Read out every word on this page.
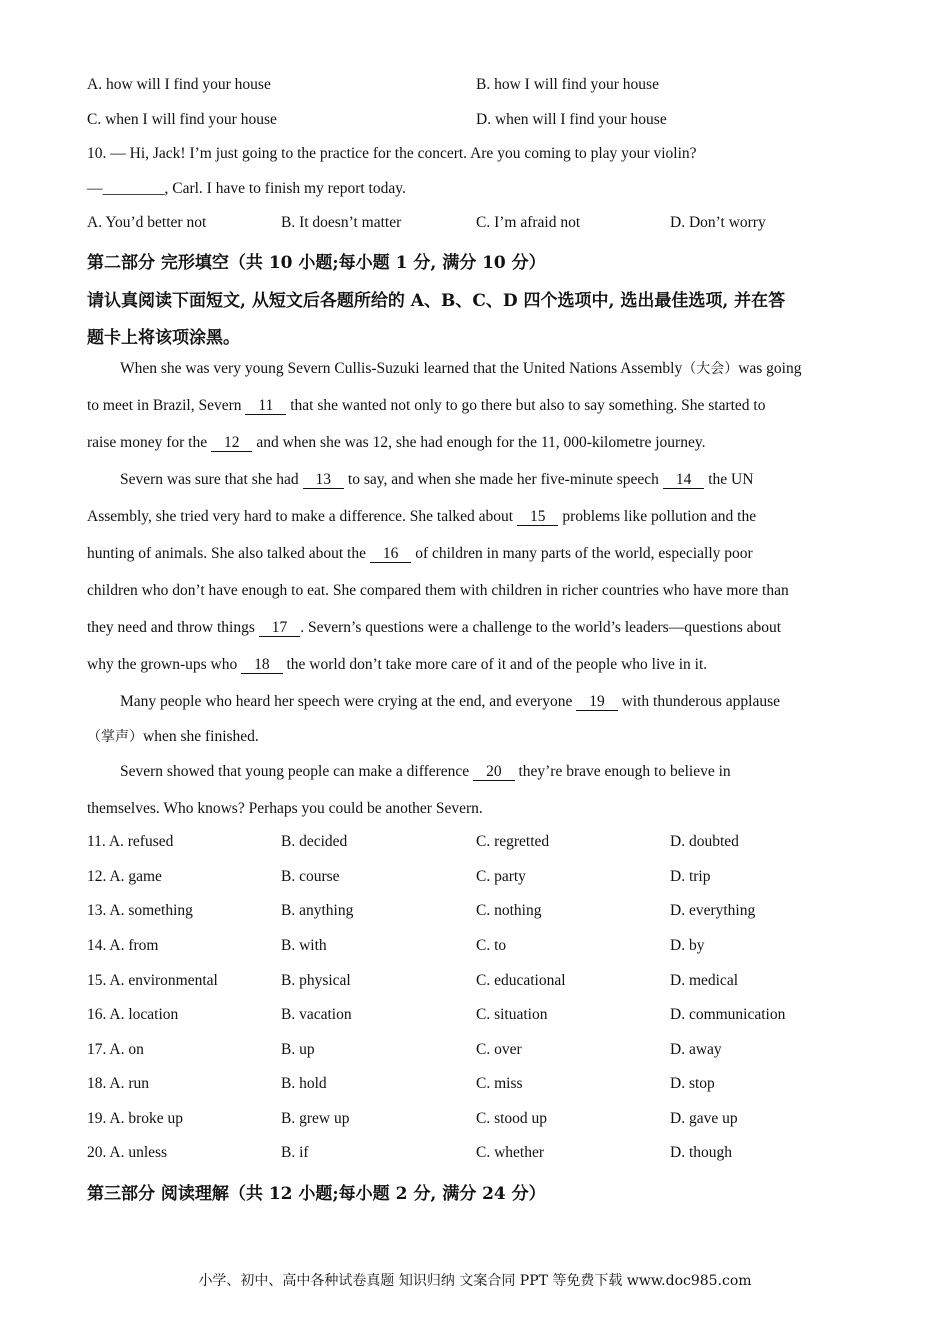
A. how will I find your house	B. how I will find your house
C. when I will find your house	D. when will I find your house
10. — Hi, Jack! I’m just going to the practice for the concert. Are you coming to play your violin?
—________, Carl. I have to finish my report today.
A. You’d better not	B. It doesn’t matter	C. I’m afraid not	D. Don’t worry
第二部分 完形填空（共 10 小题;每小题 1 分, 满分 10 分）
请认真阅读下面短文, 从短文后各题所给的 A、B、C、D 四个选项中, 选出最佳选项, 并在答
题卡上将该项涂黑。
When she was very young Severn Cullis-Suzuki learned that the United Nations Assembly（大会）was going
to meet in Brazil, Severn 11 that she wanted not only to go there but also to say something. She started to
raise money for the 12 and when she was 12, she had enough for the 11, 000-kilometre journey.
Severn was sure that she had 13 to say, and when she made her five-minute speech 14 the UN
Assembly, she tried very hard to make a difference. She talked about 15 problems like pollution and the
hunting of animals. She also talked about the 16 of children in many parts of the world, especially poor
children who don’t have enough to eat. She compared them with children in richer countries who have more than
they need and throw things 17 . Severn’s questions were a challenge to the world’s leaders—questions about
why the grown-ups who 18 the world don’t take more care of it and of the people who live in it.
Many people who heard her speech were crying at the end, and everyone 19 with thunderous applause
（掌声）when she finished.
Severn showed that young people can make a difference 20 they’re brave enough to believe in
themselves. Who knows? Perhaps you could be another Severn.
11. A. refused	B. decided	C. regretted	D. doubted
12. A. game	B. course	C. party	D. trip
13. A. something	B. anything	C. nothing	D. everything
14. A. from	B. with	C. to	D. by
15. A. environmental	B. physical	C. educational	D. medical
16. A. location	B. vacation	C. situation	D. communication
17. A. on	B. up	C. over	D. away
18. A. run	B. hold	C. miss	D. stop
19. A. broke up	B. grew up	C. stood up	D. gave up
20. A. unless	B. if	C. whether	D. though
第三部分 阅读理解（共 12 小题;每小题 2 分, 满分 24 分）
小学、初中、高中各种试卷真题 知识归纳 文案合同 PPT 等免费下载 www.doc985.com
